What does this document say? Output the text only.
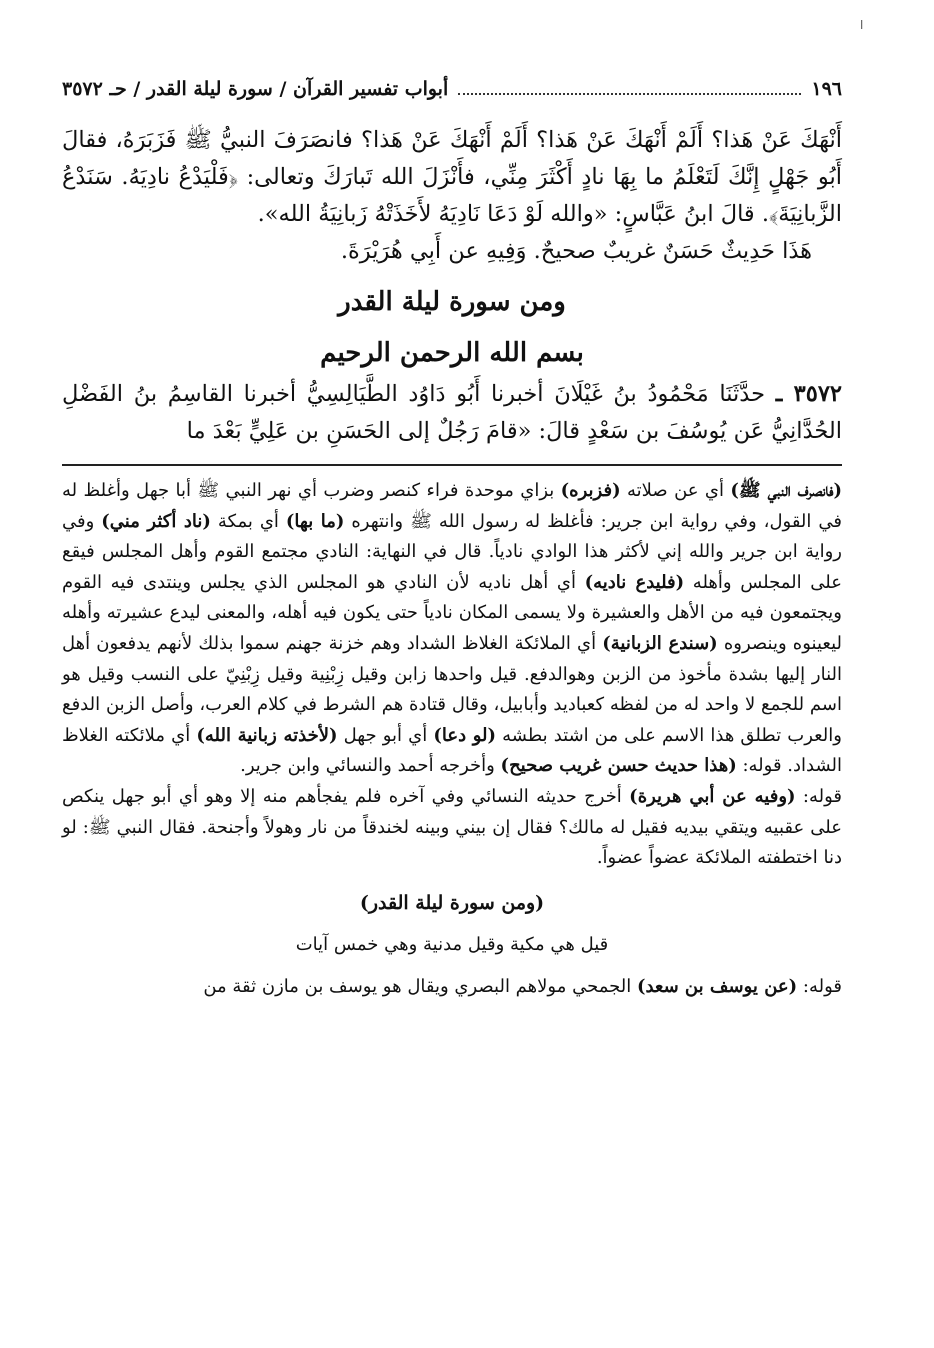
ا
١٩٦
أبواب تفسير القرآن / سورة ليلة القدر / حـ ٣٥٧٢

أَنْهَكَ عَنْ هَذا؟ أَلَمْ أَنْهَكَ عَنْ هَذا؟ أَلَمْ أَنْهَكَ عَنْ هَذا؟ فانصَرَفَ النبيُّ ﷺ فَزَبَرَهُ، فقالَ أَبُو جَهْلٍ إِنَّكَ لَتَعْلَمُ ما بِهَا نادٍ أَكْثَرَ مِنِّي، فأَنْزَلَ الله تَبارَكَ وتعالى: ﴿فَلْيَدْعُ نادِيَهُ. سَنَدْعُ الزَّبانِيَةَ﴾. قالَ ابنُ عَبَّاسٍ: «والله لَوْ دَعَا نَادِيَهُ لأَخَذَتْهُ زَبانِيَةُ الله».

هَذَا حَدِيثٌ حَسَنٌ غريبٌ صحيحٌ. وَفِيهِ عن أَبِي هُرَيْرَةَ.

ومن سورة ليلة القدر
بسم الله الرحمن الرحيم

٣٥٧٢ ـ حدَّثَنَا مَحْمُودُ بنُ غَيْلَانَ أخبرنا أَبُو دَاوُد الطَّيَالِسِيُّ أخبرنا القاسِمُ بنُ الفَضْلِ الحُدَّانِيُّ عَن يُوسُفَ بن سَعْدٍ قالَ: «قامَ رَجُلٌ إلى الحَسَنِ بن عَلِيٍّ بَعْدَ ما

(فانصرف النبي ﷺ) أي عن صلاته (فزبره) بزاي موحدة فراء كنصر وضرب أي نهر النبي ﷺ أبا جهل وأغلظ له في القول، وفي رواية ابن جرير: فأغلظ له رسول الله ﷺ وانتهره (ما بها) أي بمكة (ناد أكثر مني) وفي رواية ابن جرير والله إني لأكثر هذا الوادي نادياً. قال في النهاية: النادي مجتمع القوم وأهل المجلس فيقع على المجلس وأهله (فليدع ناديه) أي أهل ناديه لأن النادي هو المجلس الذي يجلس وينتدى فيه القوم ويجتمعون فيه من الأهل والعشيرة ولا يسمى المكان نادياً حتى يكون فيه أهله، والمعنى ليدع عشيرته وأهله ليعينوه وينصروه (سندع الزبانية) أي الملائكة الغلاظ الشداد وهم خزنة جهنم سموا بذلك لأنهم يدفعون أهل النار إليها بشدة مأخوذ من الزبن وهوالدفع. قيل واحدها زابن وقيل زِبْنِية وقيل زِبْنِيّ على النسب وقيل هو اسم للجمع لا واحد له من لفظه كعباديد وأبابيل، وقال قتادة هم الشرط في كلام العرب، وأصل الزبن الدفع والعرب تطلق هذا الاسم على من اشتد بطشه (لو دعا) أي أبو جهل (لأخذته زبانية الله) أي ملائكته الغلاظ الشداد. قوله: (هذا حديث حسن غريب صحيح) وأخرجه أحمد والنسائي وابن جرير.

قوله: (وفيه عن أبي هريرة) أخرج حديثه النسائي وفي آخره فلم يفجأهم منه إلا وهو أي أبو جهل ينكص على عقبيه ويتقي بيديه فقيل له مالك؟ فقال إن بيني وبينه لخندقاً من نار وهولاً وأجنحة. فقال النبي ﷺ: لو دنا اختطفته الملائكة عضواً عضواً.

(ومن سورة ليلة القدر)
قيل هي مكية وقيل مدنية وهي خمس آيات

قوله: (عن يوسف بن سعد) الجمحي مولاهم البصري ويقال هو يوسف بن مازن ثقة من
